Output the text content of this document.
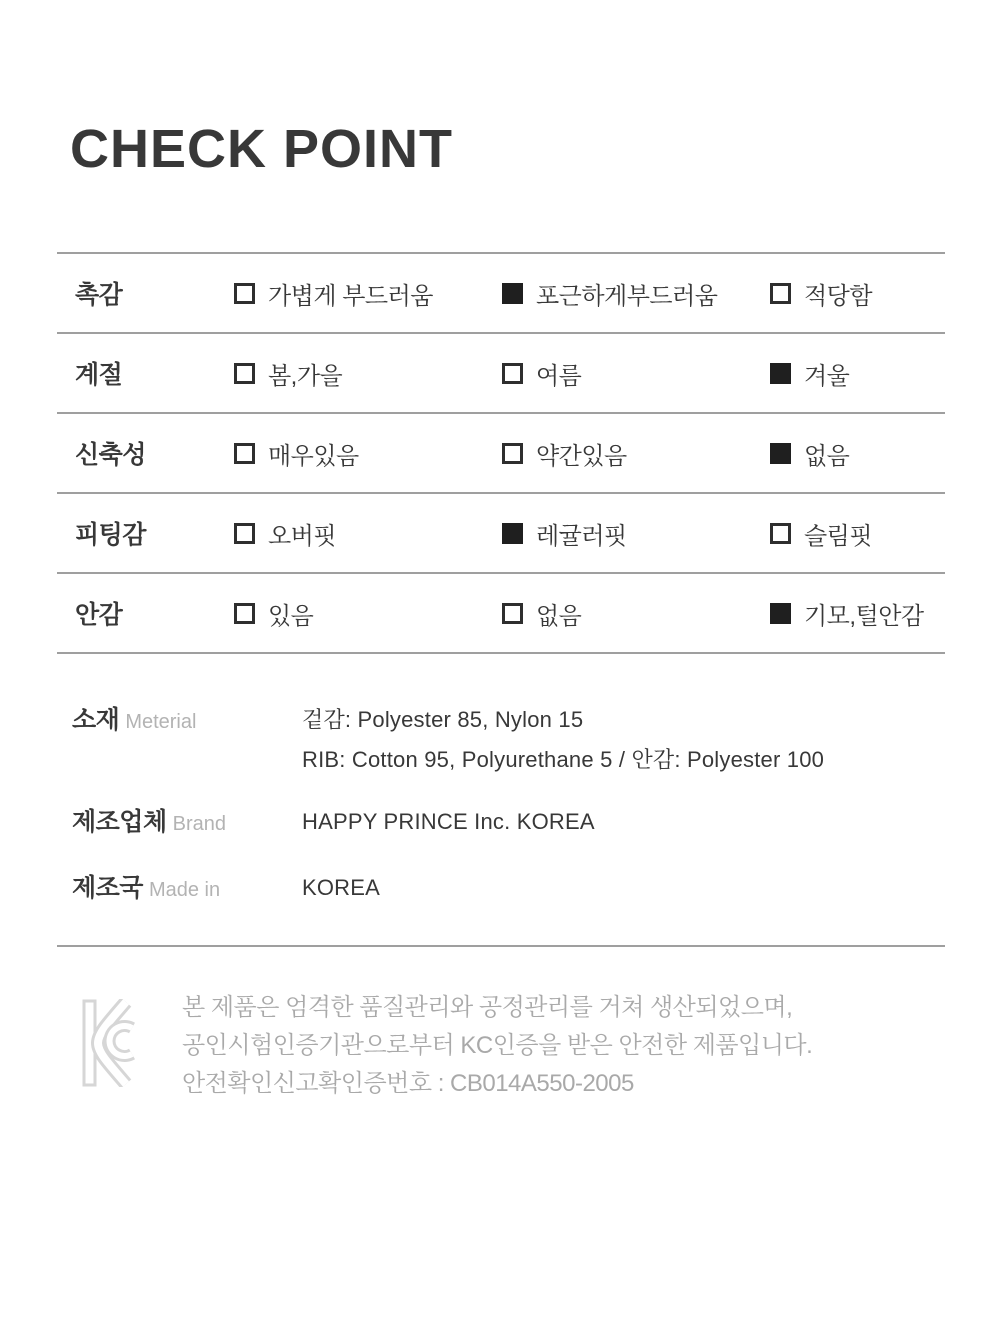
CHECK POINT
촉감	가볍게 부드러움	포근하게부드러움	적당함
계절	봄,가을	여름	겨울
신축성	매우있음	약간있음	없음
피팅감	오버핏	레귤러핏	슬림핏
안감	있음	없음	기모,털안감
소재 Meterial	겉감: Polyester 85, Nylon 15
RIB: Cotton 95, Polyurethane 5 / 안감: Polyester 100
제조업체 Brand	HAPPY PRINCE Inc. KOREA
제조국 Made in	KOREA
본 제품은 엄격한 품질관리와 공정관리를 거쳐 생산되었으며,
공인시험인증기관으로부터 KC인증을 받은 안전한 제품입니다.
안전확인신고확인증번호 : CB014A550-2005
